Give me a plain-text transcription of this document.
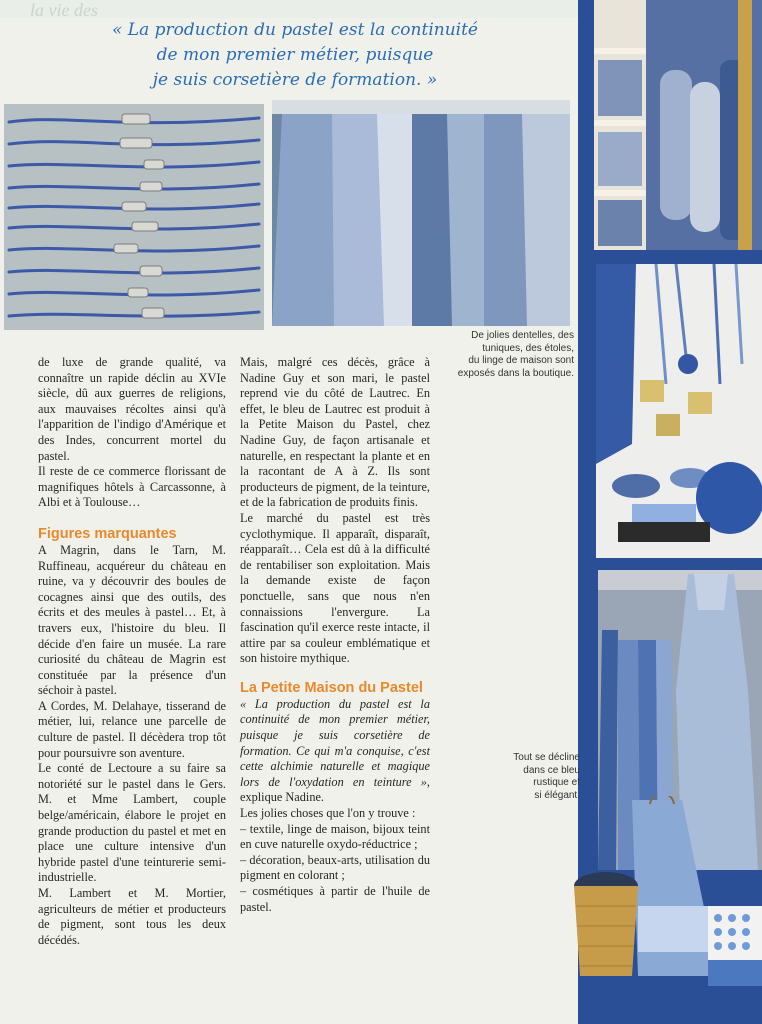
la vie des
« La production du pastel est la continuité
de mon premier métier, puisque
je suis corsetière de formation. »
De jolies dentelles, des
tuniques, des étoles,
du linge de maison sont
exposés dans la boutique.
Tout se décline
dans ce bleu
rustique et
si élégant.

de luxe de grande qualité, va connaître un rapide déclin au XVIe siècle, dû aux guerres de religions, aux mauvaises récoltes ainsi qu'à l'apparition de l'indigo d'Amérique et des Indes, concurrent mortel du pastel.

Il reste de ce commerce florissant de magnifiques hôtels à Carcassonne, à Albi et à Toulouse…

Figures marquantes

A Magrin, dans le Tarn, M. Ruffineau, acquéreur du château en ruine, va y découvrir des boules de cocagnes ainsi que des outils, des écrits et des meules à pastel… Et, à travers eux, l'histoire du bleu. Il décide d'en faire un musée. La rare curiosité du château de Magrin est constituée par la présence d'un séchoir à pastel.

A Cordes, M. Delahaye, tisserand de métier, lui, relance une parcelle de culture de pastel. Il décèdera trop tôt pour poursuivre son aventure.

Le conté de Lectoure a su faire sa notoriété sur le pastel dans le Gers. M. et Mme Lambert, couple belge/américain, élabore le projet en grande production du pastel et met en place une culture intensive d'un hybride pastel d'une teinturerie semi-industrielle.

M. Lambert et M. Mortier, agriculteurs de métier et producteurs de pigment, sont tous les deux décédés.

Mais, malgré ces décès, grâce à Nadine Guy et son mari, le pastel reprend vie du côté de Lautrec. En effet, le bleu de Lautrec est produit à la Petite Maison du Pastel, chez Nadine Guy, de façon artisanale et naturelle, en respectant la plante et en la racontant de A à Z. Ils sont producteurs de pigment, de la teinture, et de la fabrication de produits finis.

Le marché du pastel est très cyclothymique. Il apparaît, disparaît, réapparaît… Cela est dû à la difficulté de rentabiliser son exploitation. Mais la demande existe de façon ponctuelle, sans que nous n'en connaissions l'envergure. La fascination qu'il exerce reste intacte, il attire par sa couleur emblématique et son histoire mythique.

La Petite Maison du Pastel

« La production du pastel est la continuité de mon premier métier, puisque je suis corsetière de formation. Ce qui m'a conquise, c'est cette alchimie naturelle et magique lors de l'oxydation en teinture », explique Nadine.

Les jolies choses que l'on y trouve :

– textile, linge de maison, bijoux teint en cuve naturelle oxydo-réductrice ;

– décoration, beaux-arts, utilisation du pigment en colorant ;

– cosmétiques à partir de l'huile de pastel.
